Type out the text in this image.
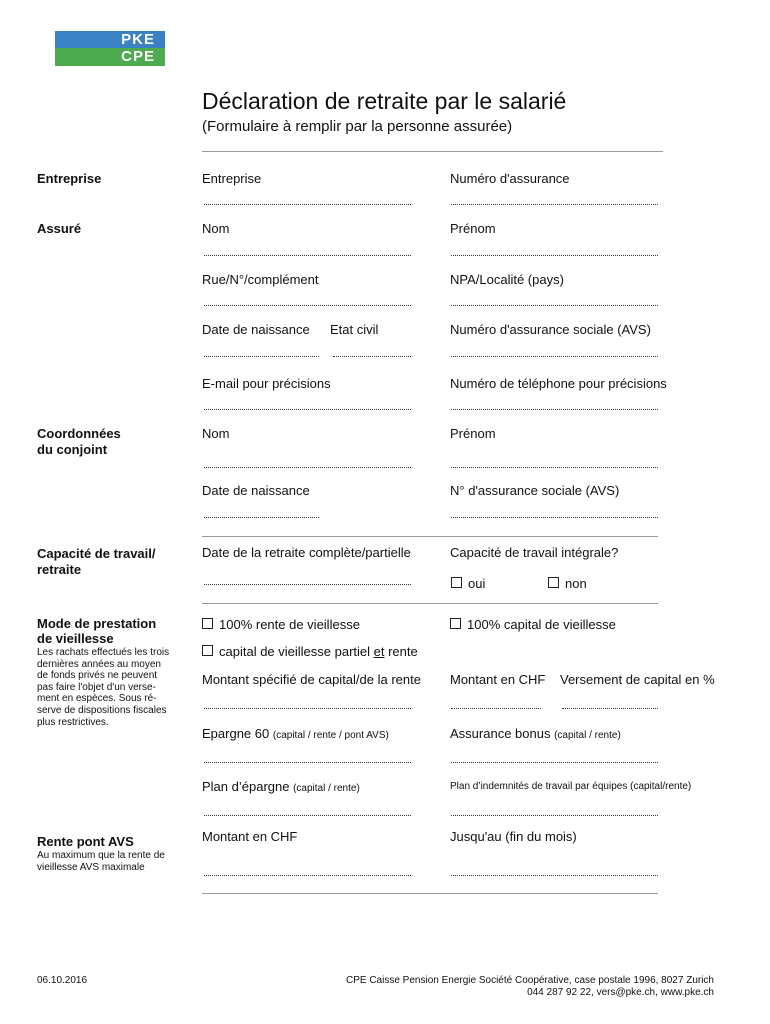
PKE
CPE
Déclaration de retraite par le salarié
(Formulaire à remplir par la personne assurée)
Entreprise
Assuré
Coordonnées
du conjoint
Capacité de travail/
retraite
Mode de prestation
de vieillesse
Les rachats effectués les trois
dernières années au moyen
de fonds privés ne peuvent
pas faire l'objet d'un verse-
ment en espèces. Sous ré-
serve de dispositions fiscales
plus restrictives.
Rente pont AVS
Au maximum que la rente de
vieillesse AVS maximale
Entreprise	Numéro d'assurance
Nom	Prénom
Rue/N°/complément	NPA/Localité (pays)
Date de naissance Etat civil	Numéro d'assurance sociale (AVS)
E-mail pour précisions	Numéro de téléphone pour précisions
Nom	Prénom
Date de naissance	N° d'assurance sociale (AVS)
Date de la retraite complète/partielle	Capacité de travail intégrale?
oui	non
100% rente de vieillesse	100% capital de vieillesse
capital de vieillesse partiel et rente
Montant spécifié de capital/de la rente Montant en CHF Versement de capital en %
Epargne 60 (capital / rente / pont AVS)	Assurance bonus (capital / rente)
Plan d’épargne (capital / rente)	Plan d’indemnités de travail par équipes (capital/rente)
Montant en CHF	Jusqu'au (fin du mois)
06.10.2016	CPE Caisse Pension Energie Société Coopérative, case postale 1996, 8027 Zurich
044 287 92 22, vers@pke.ch, www.pke.ch
